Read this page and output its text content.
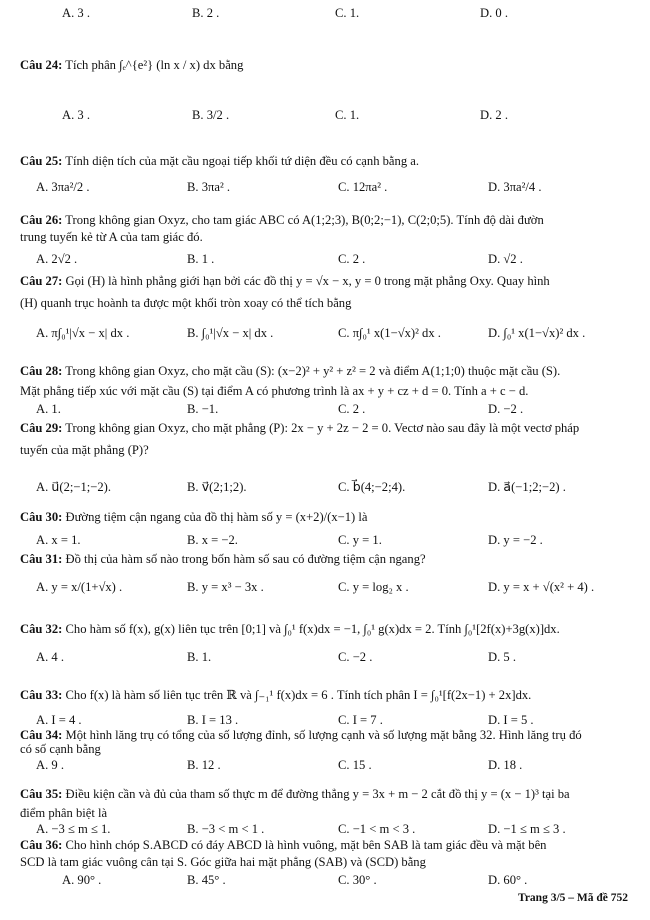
A. 3 .	B. 2 .	C. 1.	D. 0 .
Câu 24: Tích phân ∫ₑ^{e²} (ln x / x) dx bằng
A. 3 .	B. 3/2 .	C. 1.	D. 2 .
Câu 25: Tính diện tích của mặt cầu ngoại tiếp khối tứ diện đều có cạnh bằng a.
A. 3πa²/2 .	B. 3πa² .	C. 12πa² .	D. 3πa²/4 .
Câu 26: Trong không gian Oxyz, cho tam giác ABC có A(1;2;3), B(0;2;−1), C(2;0;5). Tính độ dài đườn
trung tuyến kẻ từ A của tam giác đó.
A. 2√2 .	B. 1 .	C. 2 .	D. √2 .
Câu 27: Gọi (H) là hình phẳng giới hạn bởi các đồ thị y = √x − x, y = 0 trong mặt phẳng Oxy. Quay hình
(H) quanh trục hoành ta được một khối tròn xoay có thể tích bằng
A. π∫₀¹|√x − x| dx .	B. ∫₀¹|√x − x| dx .	C. π∫₀¹ x(1−√x)² dx .	D. ∫₀¹ x(1−√x)² dx .
Câu 28: Trong không gian Oxyz, cho mặt cầu (S): (x−2)² + y² + z² = 2 và điểm A(1;1;0) thuộc mặt cầu (S).
Mặt phẳng tiếp xúc với mặt cầu (S) tại điểm A có phương trình là ax + y + cz + d = 0. Tính a + c − d.
A. 1.	B. −1.	C. 2 .	D. −2 .
Câu 29: Trong không gian Oxyz, cho mặt phẳng (P): 2x − y + 2z − 2 = 0. Vectơ nào sau đây là một vectơ pháp
tuyến của mặt phẳng (P)?
A. u⃗(2;−1;−2).	B. v⃗(2;1;2).	C. b⃗(4;−2;4).	D. a⃗(−1;2;−2) .
Câu 30: Đường tiệm cận ngang của đồ thị hàm số y = (x+2)/(x−1) là
A. x = 1.	B. x = −2.	C. y = 1.	D. y = −2 .
Câu 31: Đồ thị của hàm số nào trong bốn hàm số sau có đường tiệm cận ngang?
A. y = x/(1+√x) .	B. y = x³ − 3x .	C. y = log₂ x .	D. y = x + √(x² + 4) .
Câu 32: Cho hàm số f(x), g(x) liên tục trên [0;1] và ∫₀¹ f(x)dx = −1, ∫₀¹ g(x)dx = 2. Tính ∫₀¹[2f(x)+3g(x)]dx.
A. 4 .	B. 1.	C. −2 .	D. 5 .
Câu 33: Cho f(x) là hàm số liên tục trên ℝ và ∫₋₁¹ f(x)dx = 6 . Tính tích phân I = ∫₀¹[f(2x−1) + 2x]dx.
A. I = 4 .	B. I = 13 .	C. I = 7 .	D. I = 5 .
Câu 34: Một hình lăng trụ có tổng của số lượng đỉnh, số lượng cạnh và số lượng mặt bằng 32. Hình lăng trụ đó
có số cạnh bằng
A. 9 .	B. 12 .	C. 15 .	D. 18 .
Câu 35: Điều kiện cần và đủ của tham số thực m để đường thẳng y = 3x + m − 2 cắt đồ thị y = (x − 1)³ tại ba
điểm phân biệt là
A. −3 ≤ m ≤ 1.	B. −3 < m < 1 .	C. −1 < m < 3 .	D. −1 ≤ m ≤ 3 .
Câu 36: Cho hình chóp S.ABCD có đáy ABCD là hình vuông, mặt bên SAB là tam giác đều và mặt bên
SCD là tam giác vuông cân tại S. Góc giữa hai mặt phẳng (SAB) và (SCD) bằng
A. 90° .	B. 45° .	C. 30° .	D. 60° .
Trang 3/5 – Mã đề 752
